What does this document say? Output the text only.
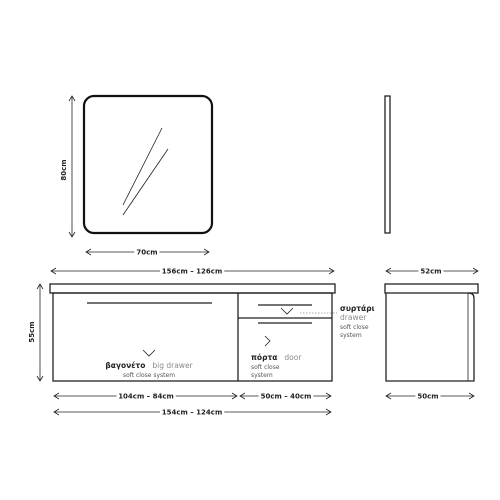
80cm
70cm
156cm – 126cm
βαγονέτο big drawer
soft close system
πόρτα door
soft close
system
συρτάρι
drawer
soft close
system
55cm
104cm – 84cm	50cm – 40cm
154cm – 124cm
52cm
50cm
